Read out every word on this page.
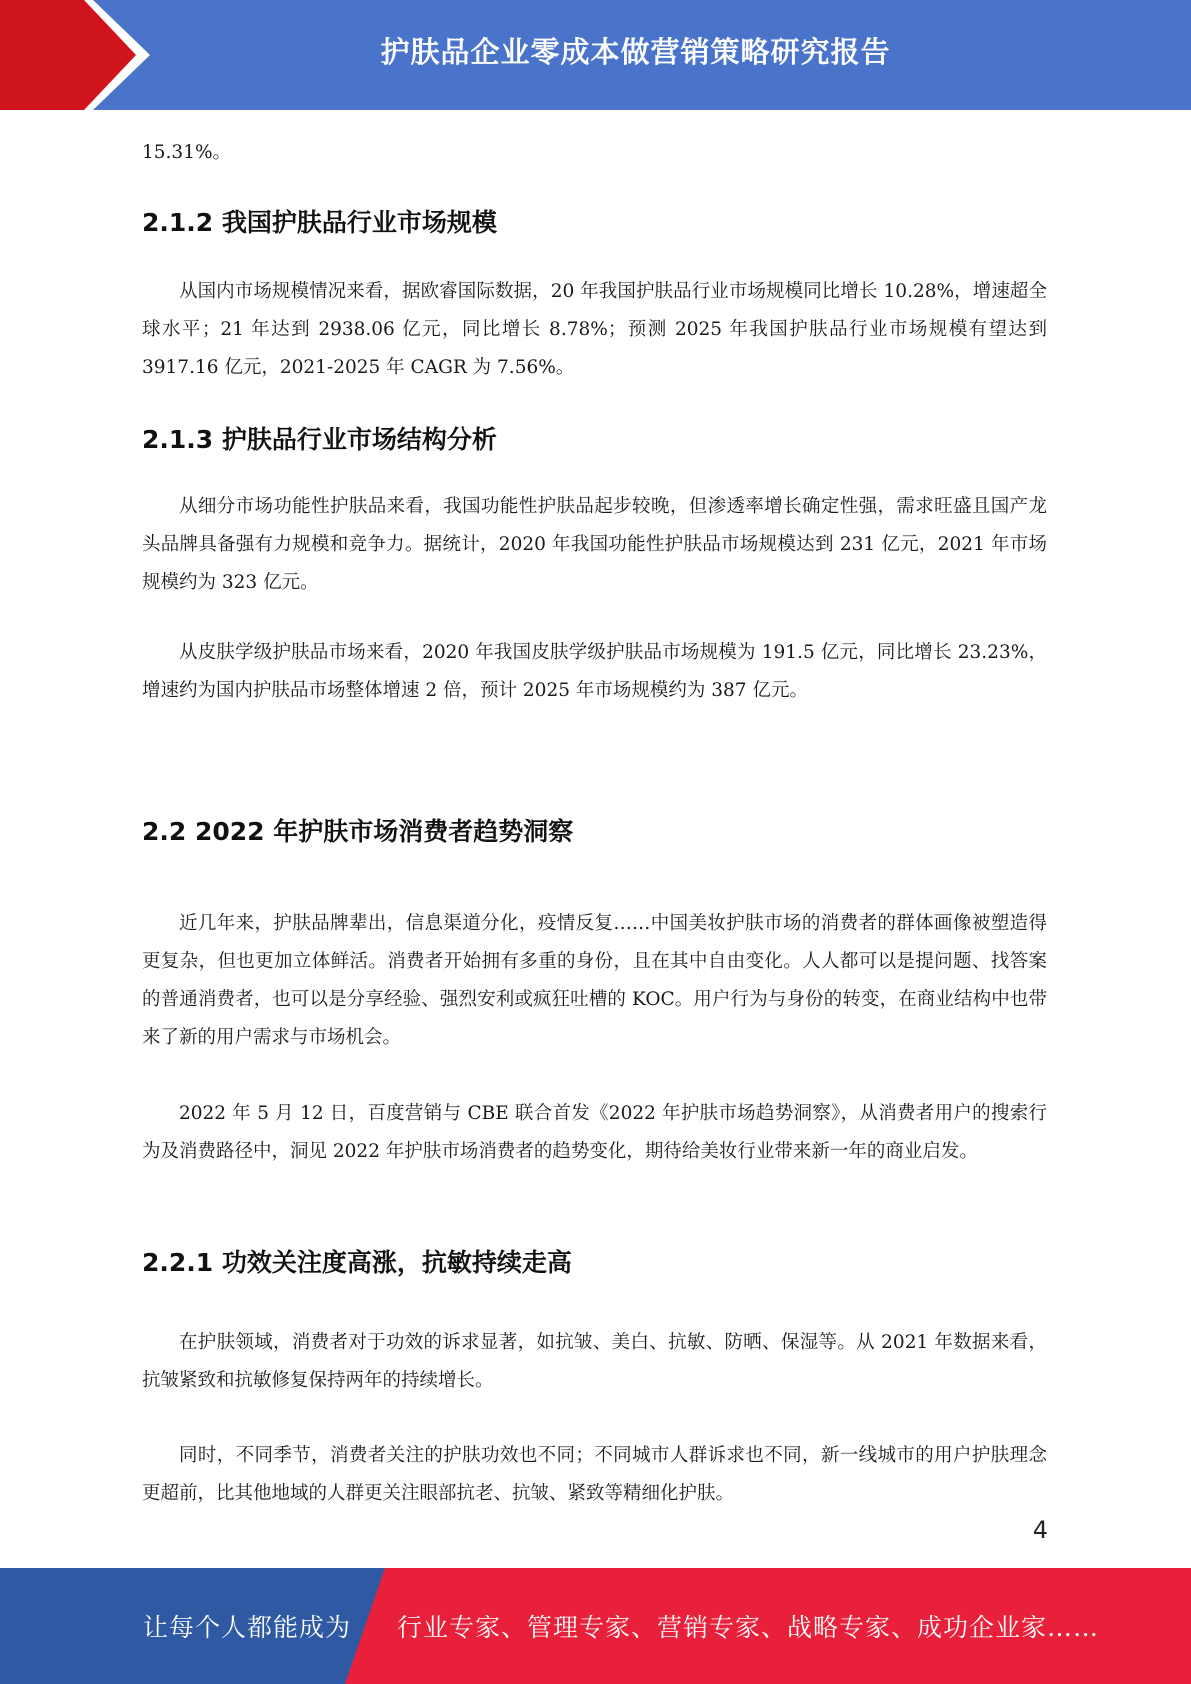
护肤品企业零成本做营销策略研究报告

15.31%。

2.1.2 我国护肤品行业市场规模

从国内市场规模情况来看，据欧睿国际数据，20 年我国护肤品行业市场规模同比增长 10.28%，增速超全球水平；21 年达到 2938.06 亿元，同比增长 8.78%；预测 2025 年我国护肤品行业市场规模有望达到 3917.16 亿元，2021-2025 年 CAGR 为 7.56%。

2.1.3 护肤品行业市场结构分析

从细分市场功能性护肤品来看，我国功能性护肤品起步较晚，但渗透率增长确定性强，需求旺盛且国产龙头品牌具备强有力规模和竞争力。据统计，2020 年我国功能性护肤品市场规模达到 231 亿元，2021 年市场规模约为 323 亿元。

从皮肤学级护肤品市场来看，2020 年我国皮肤学级护肤品市场规模为 191.5 亿元，同比增长 23.23%，增速约为国内护肤品市场整体增速 2 倍，预计 2025 年市场规模约为 387 亿元。

2.2 2022 年护肤市场消费者趋势洞察

近几年来，护肤品牌辈出，信息渠道分化，疫情反复……中国美妆护肤市场的消费者的群体画像被塑造得更复杂，但也更加立体鲜活。消费者开始拥有多重的身份，且在其中自由变化。人人都可以是提问题、找答案的普通消费者，也可以是分享经验、强烈安利或疯狂吐槽的 KOC。用户行为与身份的转变，在商业结构中也带来了新的用户需求与市场机会。

2022 年 5 月 12 日，百度营销与 CBE 联合首发《2022 年护肤市场趋势洞察》，从消费者用户的搜索行为及消费路径中，洞见 2022 年护肤市场消费者的趋势变化，期待给美妆行业带来新一年的商业启发。

2.2.1 功效关注度高涨，抗敏持续走高

在护肤领域，消费者对于功效的诉求显著，如抗皱、美白、抗敏、防晒、保湿等。从 2021 年数据来看，抗皱紧致和抗敏修复保持两年的持续增长。

同时，不同季节，消费者关注的护肤功效也不同；不同城市人群诉求也不同，新一线城市的用户护肤理念更超前，比其他地域的人群更关注眼部抗老、抗皱、紧致等精细化护肤。

4
让每个人都能成为 行业专家、管理专家、营销专家、战略专家、成功企业家……
